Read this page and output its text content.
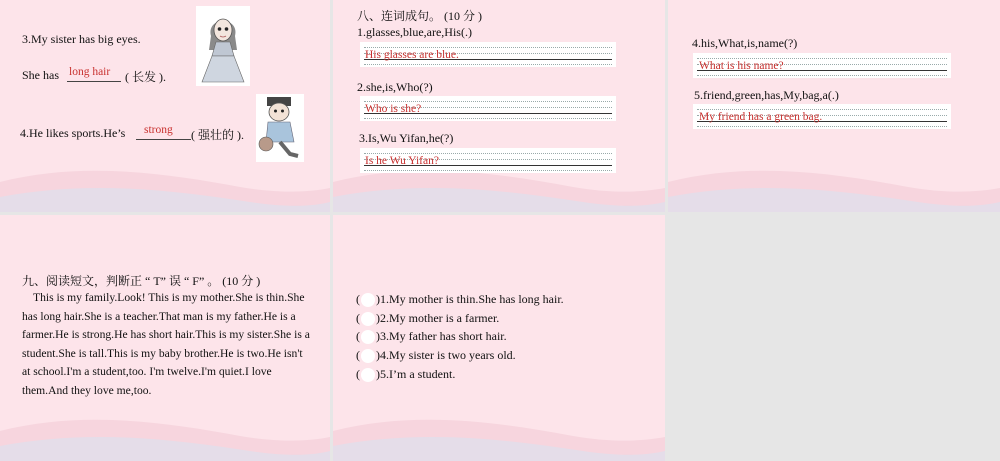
3.My sister has big eyes.
She has long hair ( 长发 ).
4.He likes sports.He’s strong ( 强壮的 ).
八、连词成句。 (10 分 )
1.glasses,blue,are,His(.)
His glasses are blue.
2.she,is,Who(?)
Who is she?
3.Is,Wu Yifan,he(?)
Is he Wu Yifan?
4.his,What,is,name(?)
What is his name?
5.friend,green,has,My,bag,a(.)
My friend has a green bag.
九、阅读短文，判断正 “ T” 误 “ F” 。 (10 分 )
This is my family.Look! This is my mother.She is thin.She has long hair.She is a teacher.That man is my father.He is a farmer.He is strong.He has short hair.This is my sister.She is a student.She is tall.This is my baby brother.He is two.He isn't at school.I'm a student,too. I'm twelve.I'm quiet.I love them.And they love me,too.
( )1.My mother is thin.She has long hair.
( )2.My mother is a farmer.
( )3.My father has short hair.
( )4.My sister is two years old.
( )5.I’m a student.
